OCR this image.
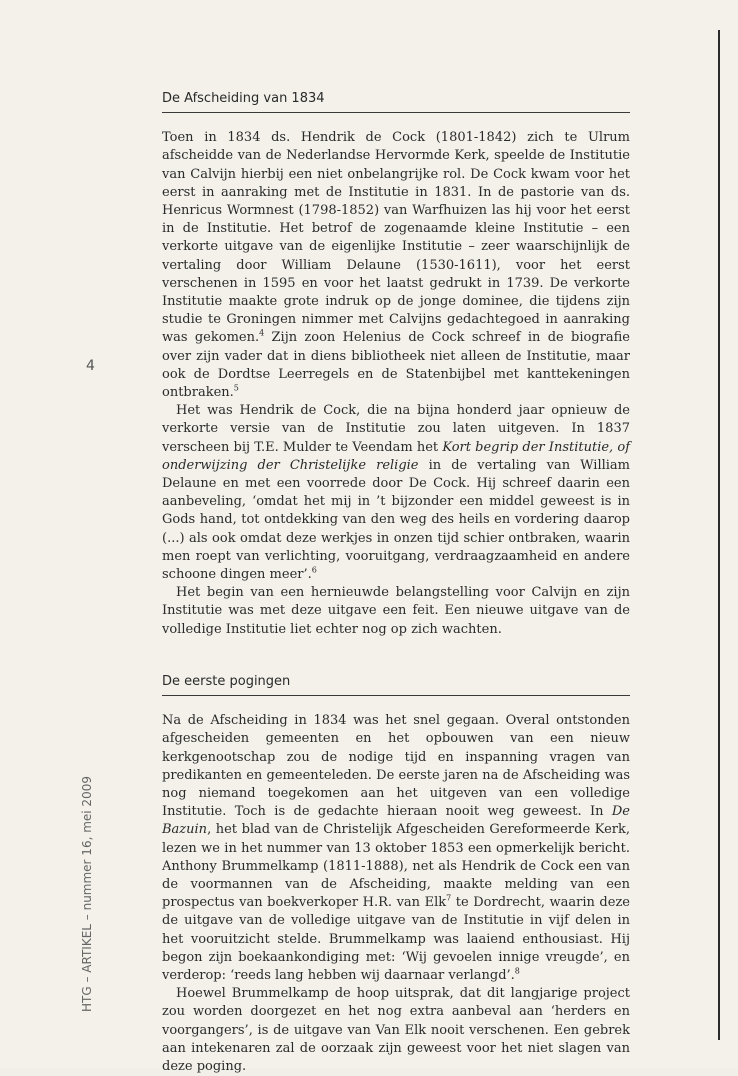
4
HTG – ARTIKEL – nummer 16, mei 2009
De Afscheiding van 1834

Toen in 1834 ds. Hendrik de Cock (1801-1842) zich te Ulrum afscheidde van de Nederlandse Hervormde Kerk, speelde de Institutie van Calvijn hierbij een niet onbelangrijke rol. De Cock kwam voor het eerst in aanraking met de Institutie in 1831. In de pastorie van ds. Henricus Wormnest (1798-1852) van Warfhuizen las hij voor het eerst in de Institutie. Het betrof de zogenaamde kleine Institutie – een verkorte uitgave van de eigenlijke Institutie – zeer waarschijnlijk de vertaling door William Delaune (1530-1611), voor het eerst verschenen in 1595 en voor het laatst gedrukt in 1739. De verkorte Institutie maakte grote indruk op de jonge dominee, die tijdens zijn studie te Groningen nimmer met Calvijns gedachtegoed in aanraking was gekomen.$^4$ Zijn zoon Helenius de Cock schreef in de biografie over zijn vader dat in diens bibliotheek niet alleen de Institutie, maar ook de Dordtse Leerregels en de Statenbijbel met kanttekeningen ontbraken.$^5$

Het was Hendrik de Cock, die na bijna honderd jaar opnieuw de verkorte versie van de Institutie zou laten uitgeven. In 1837 verscheen bij T.E. Mulder te Veendam het Kort begrip der Institutie, of onderwijzing der Christelijke religie in de vertaling van William Delaune en met een voorrede door De Cock. Hij schreef daarin een aanbeveling, ‘omdat het mij in ’t bijzonder een middel geweest is in Gods hand, tot ontdekking van den weg des heils en vordering daarop (...) als ook omdat deze werkjes in onzen tijd schier ontbraken, waarin men roept van verlichting, vooruitgang, verdraagzaamheid en andere schoone dingen meer’.$^6$

Het begin van een hernieuwde belangstelling voor Calvijn en zijn Institutie was met deze uitgave een feit. Een nieuwe uitgave van de volledige Institutie liet echter nog op zich wachten.

De eerste pogingen

Na de Afscheiding in 1834 was het snel gegaan. Overal ontstonden afgescheiden gemeenten en het opbouwen van een nieuw kerkgenootschap zou de nodige tijd en inspanning vragen van predikanten en gemeenteleden. De eerste jaren na de Afscheiding was nog niemand toegekomen aan het uitgeven van een volledige Institutie. Toch is de gedachte hieraan nooit weg geweest. In De Bazuin, het blad van de Christelijk Afgescheiden Gereformeerde Kerk, lezen we in het nummer van 13 oktober 1853 een opmerkelijk bericht. Anthony Brummelkamp (1811-1888), net als Hendrik de Cock een van de voormannen van de Afscheiding, maakte melding van een prospectus van boekverkoper H.R. van Elk$^7$ te Dordrecht, waarin deze de uitgave van de volledige uitgave van de Institutie in vijf delen in het vooruitzicht stelde. Brummelkamp was laaiend enthousiast. Hij begon zijn boekaankondiging met: ‘Wij gevoelen innige vreugde’, en verderop: ‘reeds lang hebben wij daarnaar verlangd’.$^8$

Hoewel Brummelkamp de hoop uitsprak, dat dit langjarige project zou worden doorgezet en het nog extra aanbeval aan ‘herders en voorgangers’, is de uitgave van Van Elk nooit verschenen. Een gebrek aan intekenaren zal de oorzaak zijn geweest voor het niet slagen van deze poging.
